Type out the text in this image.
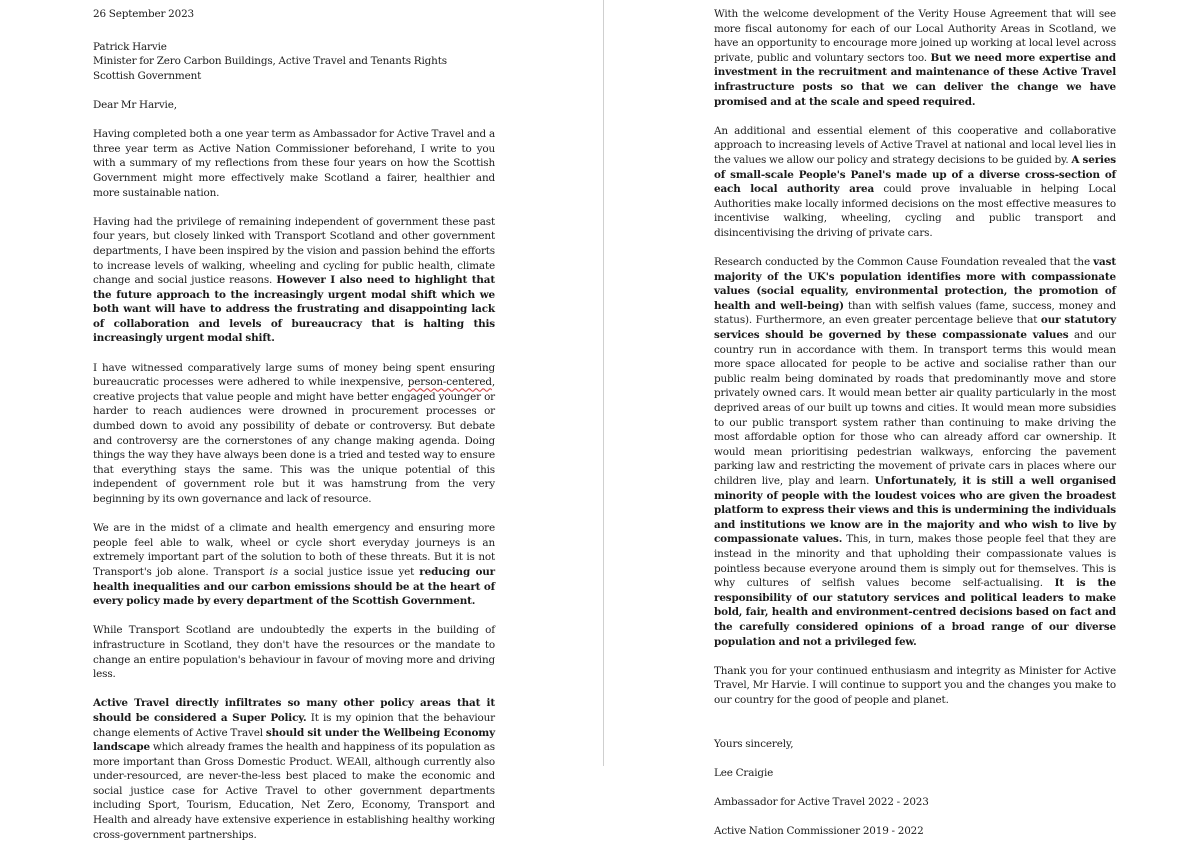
26 September 2023

Patrick Harvie

Minister for Zero Carbon Buildings, Active Travel and Tenants Rights

Scottish Government

Dear Mr Harvie,

Having completed both a one year term as Ambassador for Active Travel and a three year term as Active Nation Commissioner beforehand, I write to you with a summary of my reflections from these four years on how the Scottish Government might more effectively make Scotland a fairer, healthier and more sustainable nation.

Having had the privilege of remaining independent of government these past four years, but closely linked with Transport Scotland and other government departments, I have been inspired by the vision and passion behind the efforts to increase levels of walking, wheeling and cycling for public health, climate change and social justice reasons. However I also need to highlight that the future approach to the increasingly urgent modal shift which we both want will have to address the frustrating and disappointing lack of collaboration and levels of bureaucracy that is halting this increasingly urgent modal shift.

I have witnessed comparatively large sums of money being spent ensuring bureaucratic processes were adhered to while inexpensive, person-centered, creative projects that value people and might have better engaged younger or harder to reach audiences were drowned in procurement processes or dumbed down to avoid any possibility of debate or controversy. But debate and controversy are the cornerstones of any change making agenda. Doing things the way they have always been done is a tried and tested way to ensure that everything stays the same. This was the unique potential of this independent of government role but it was hamstrung from the very beginning by its own governance and lack of resource.

We are in the midst of a climate and health emergency and ensuring more people feel able to walk, wheel or cycle short everyday journeys is an extremely important part of the solution to both of these threats. But it is not Transport's job alone. Transport is a social justice issue yet reducing our health inequalities and our carbon emissions should be at the heart of every policy made by every department of the Scottish Government.

While Transport Scotland are undoubtedly the experts in the building of infrastructure in Scotland, they don't have the resources or the mandate to change an entire population's behaviour in favour of moving more and driving less.

Active Travel directly infiltrates so many other policy areas that it should be considered a Super Policy. It is my opinion that the behaviour change elements of Active Travel should sit under the Wellbeing Economy landscape which already frames the health and happiness of its population as more important than Gross Domestic Product. WEAll, although currently also under-resourced, are never-the-less best placed to make the economic and social justice case for Active Travel to other government departments including Sport, Tourism, Education, Net Zero, Economy, Transport and Health and already have extensive experience in establishing healthy working cross-government partnerships.

With the welcome development of the Verity House Agreement that will see more fiscal autonomy for each of our Local Authority Areas in Scotland, we have an opportunity to encourage more joined up working at local level across private, public and voluntary sectors too. But we need more expertise and investment in the recruitment and maintenance of these Active Travel infrastructure posts so that we can deliver the change we have promised and at the scale and speed required.

An additional and essential element of this cooperative and collaborative approach to increasing levels of Active Travel at national and local level lies in the values we allow our policy and strategy decisions to be guided by. A series of small-scale People's Panel's made up of a diverse cross-section of each local authority area could prove invaluable in helping Local Authorities make locally informed decisions on the most effective measures to incentivise walking, wheeling, cycling and public transport and disincentivising the driving of private cars.

Research conducted by the Common Cause Foundation revealed that the vast majority of the UK's population identifies more with compassionate values (social equality, environmental protection, the promotion of health and well-being) than with selfish values (fame, success, money and status). Furthermore, an even greater percentage believe that our statutory services should be governed by these compassionate values and our country run in accordance with them. In transport terms this would mean more space allocated for people to be active and socialise rather than our public realm being dominated by roads that predominantly move and store privately owned cars. It would mean better air quality particularly in the most deprived areas of our built up towns and cities. It would mean more subsidies to our public transport system rather than continuing to make driving the most affordable option for those who can already afford car ownership. It would mean prioritising pedestrian walkways, enforcing the pavement parking law and restricting the movement of private cars in places where our children live, play and learn. Unfortunately, it is still a well organised minority of people with the loudest voices who are given the broadest platform to express their views and this is undermining the individuals and institutions we know are in the majority and who wish to live by compassionate values. This, in turn, makes those people feel that they are instead in the minority and that upholding their compassionate values is pointless because everyone around them is simply out for themselves. This is why cultures of selfish values become self-actualising. It is the responsibility of our statutory services and political leaders to make bold, fair, health and environment-centred decisions based on fact and the carefully considered opinions of a broad range of our diverse population and not a privileged few.

Thank you for your continued enthusiasm and integrity as Minister for Active Travel, Mr Harvie. I will continue to support you and the changes you make to our country for the good of people and planet.

Yours sincerely,

Lee Craigie

Ambassador for Active Travel 2022 - 2023

Active Nation Commissioner 2019 - 2022
